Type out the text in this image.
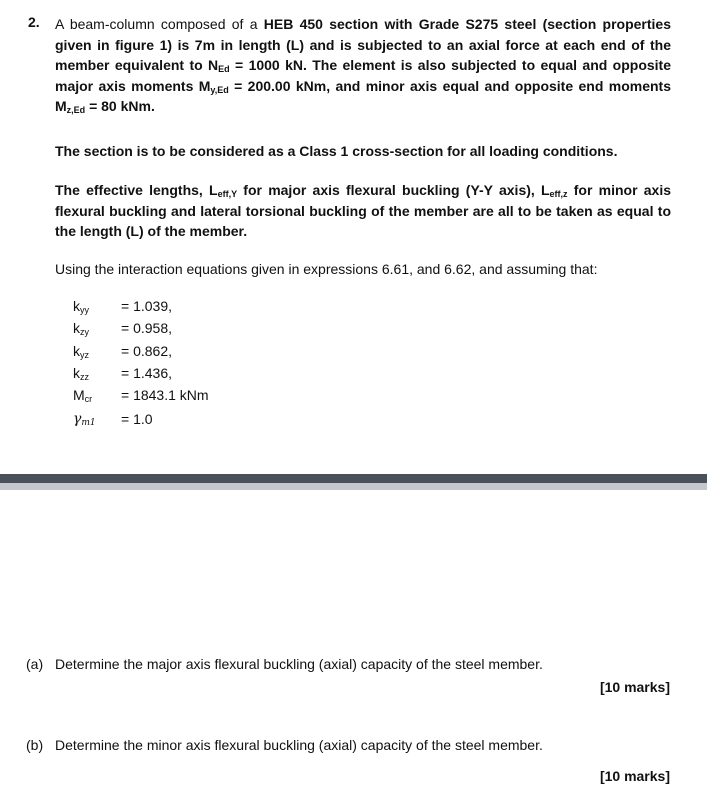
2. A beam-column composed of a HEB 450 section with Grade S275 steel (section properties given in figure 1) is 7m in length (L) and is subjected to an axial force at each end of the member equivalent to $N_{Ed} = 1000$ kN. The element is also subjected to equal and opposite major axis moments $M_{y,Ed} = 200.00$ kNm, and minor axis equal and opposite end moments $M_{z,Ed} = 80$ kNm.
The section is to be considered as a Class 1 cross-section for all loading conditions.
The effective lengths, $L_{eff,Y}$ for major axis flexural buckling (Y-Y axis), $L_{eff,z}$ for minor axis flexural buckling and lateral torsional buckling of the member are all to be taken as equal to the length (L) of the member.
Using the interaction equations given in expressions 6.61, and 6.62, and assuming that:
$k_{yy} = 1.039$,
$k_{zy} = 0.958$,
$k_{yz} = 0.862$,
$k_{zz} = 1.436$,
$M_{cr} = 1843.1$ kNm
$\gamma_{m1} = 1.0$
(a) Determine the major axis flexural buckling (axial) capacity of the steel member.
[10 marks]
(b) Determine the minor axis flexural buckling (axial) capacity of the steel member.
[10 marks]
